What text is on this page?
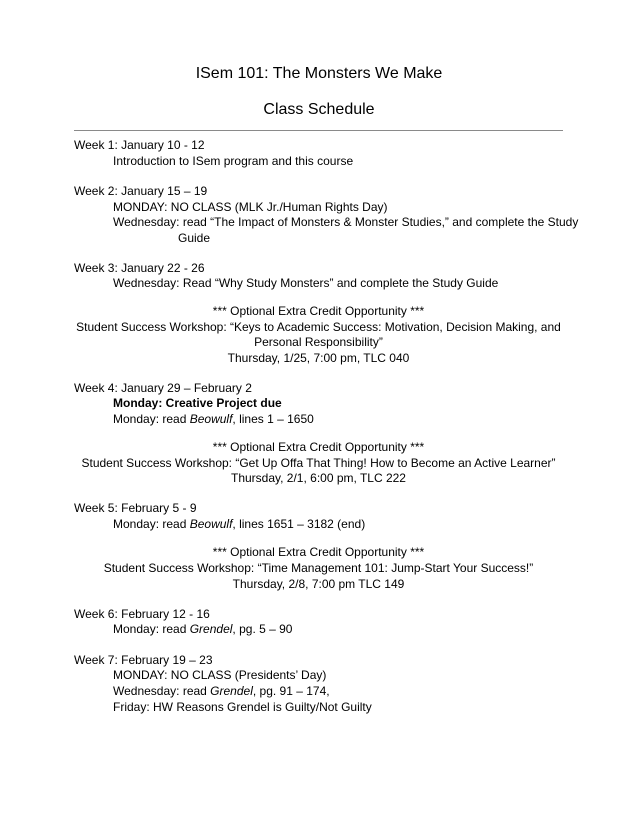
ISem 101: The Monsters We Make
Class Schedule
Week 1: January 10 - 12
Introduction to ISem program and this course
Week 2: January 15 – 19
MONDAY: NO CLASS (MLK Jr./Human Rights Day)
Wednesday: read “The Impact of Monsters & Monster Studies,” and complete the Study
Guide
Week 3: January 22 - 26
Wednesday: Read “Why Study Monsters” and complete the Study Guide
*** Optional Extra Credit Opportunity ***
Student Success Workshop: “Keys to Academic Success: Motivation, Decision Making, and
Personal Responsibility”
Thursday, 1/25, 7:00 pm, TLC 040
Week 4: January 29 – February 2
Monday: Creative Project due
Monday: read Beowulf, lines 1 – 1650
*** Optional Extra Credit Opportunity ***
Student Success Workshop: “Get Up Offa That Thing! How to Become an Active Learner”
Thursday, 2/1, 6:00 pm, TLC 222
Week 5: February 5 - 9
Monday: read Beowulf, lines 1651 – 3182 (end)
*** Optional Extra Credit Opportunity ***
Student Success Workshop: “Time Management 101: Jump-Start Your Success!”
Thursday, 2/8, 7:00 pm TLC 149
Week 6: February 12 - 16
Monday: read Grendel, pg. 5 – 90
Week 7: February 19 – 23
MONDAY: NO CLASS (Presidents’ Day)
Wednesday: read Grendel, pg. 91 – 174,
Friday: HW Reasons Grendel is Guilty/Not Guilty
